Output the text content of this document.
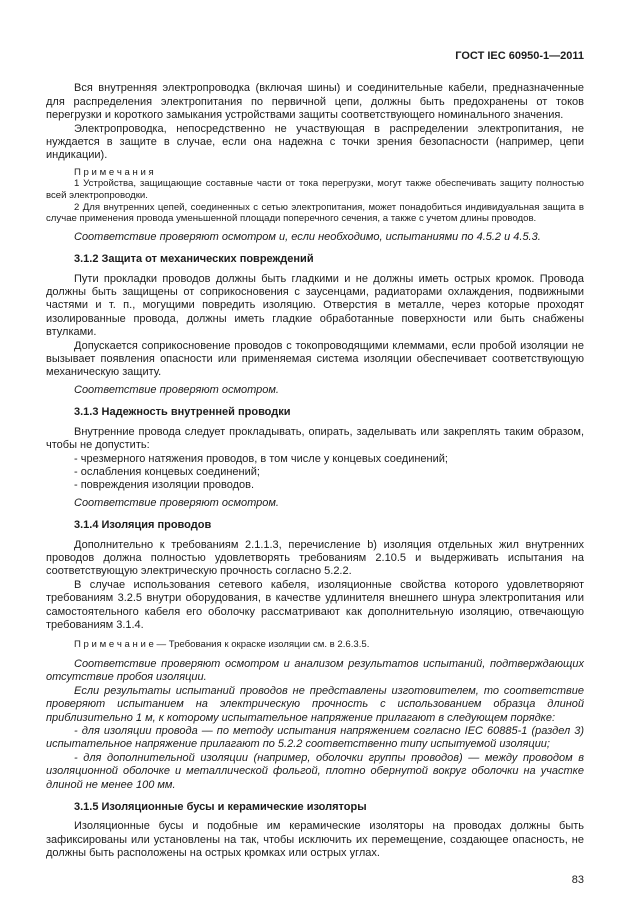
ГОСТ IEC 60950-1—2011

Вся внутренняя электропроводка (включая шины) и соединительные кабели, предназначенные для распределения электропитания по первичной цепи, должны быть предохранены от токов перегрузки и короткого замыкания устройствами защиты соответствующего номинального значения.

Электропроводка, непосредственно не участвующая в распределении электропитания, не нуждается в защите в случае, если она надежна с точки зрения безопасности (например, цепи индикации).

П р и м е ч а н и я

1 Устройства, защищающие составные части от тока перегрузки, могут также обеспечивать защиту полностью всей электропроводки.

2 Для внутренних цепей, соединенных с сетью электропитания, может понадобиться индивидуальная защита в случае применения провода уменьшенной площади поперечного сечения, а также с учетом длины проводов.

Соответствие проверяют осмотром и, если необходимо, испытаниями по 4.5.2 и 4.5.3.

3.1.2 Защита от механических повреждений

Пути прокладки проводов должны быть гладкими и не должны иметь острых кромок. Провода должны быть защищены от соприкосновения с заусенцами, радиаторами охлаждения, подвижными частями и т. п., могущими повредить изоляцию. Отверстия в металле, через которые проходят изолированные провода, должны иметь гладкие обработанные поверхности или быть снабжены втулками.

Допускается соприкосновение проводов с токопроводящими клеммами, если пробой изоляции не вызывает появления опасности или применяемая система изоляции обеспечивает соответствующую механическую защиту.

Соответствие проверяют осмотром.

3.1.3 Надежность внутренней проводки

Внутренние провода следует прокладывать, опирать, заделывать или закреплять таким образом, чтобы не допустить:

- чрезмерного натяжения проводов, в том числе у концевых соединений;

- ослабления концевых соединений;

- повреждения изоляции проводов.

Соответствие проверяют осмотром.

3.1.4 Изоляция проводов

Дополнительно к требованиям 2.1.1.3, перечисление b) изоляция отдельных жил внутренних проводов должна полностью удовлетворять требованиям 2.10.5 и выдерживать испытания на соответствующую электрическую прочность согласно 5.2.2.

В случае использования сетевого кабеля, изоляционные свойства которого удовлетворяют требованиям 3.2.5 внутри оборудования, в качестве удлинителя внешнего шнура электропитания или самостоятельного кабеля его оболочку рассматривают как дополнительную изоляцию, отвечающую требованиям 3.1.4.

П р и м е ч а н и е — Требования к окраске изоляции см. в 2.6.3.5.

Соответствие проверяют осмотром и анализом результатов испытаний, подтверждающих отсутствие пробоя изоляции.

Если результаты испытаний проводов не представлены изготовителем, то соответствие проверяют испытанием на электрическую прочность с использованием образца длиной приблизительно 1 м, к которому испытательное напряжение прилагают в следующем порядке:

- для изоляции провода — по методу испытания напряжением согласно IEC 60885-1 (раздел 3) испытательное напряжение прилагают по 5.2.2 соответственно типу испытуемой изоляции;

- для дополнительной изоляции (например, оболочки группы проводов) — между проводом в изоляционной оболочке и металлической фольгой, плотно обернутой вокруг оболочки на участке длиной не менее 100 мм.

3.1.5 Изоляционные бусы и керамические изоляторы

Изоляционные бусы и подобные им керамические изоляторы на проводах должны быть зафиксированы или установлены на так, чтобы исключить их перемещение, создающее опасность, не должны быть расположены на острых кромках или острых углах.

83
